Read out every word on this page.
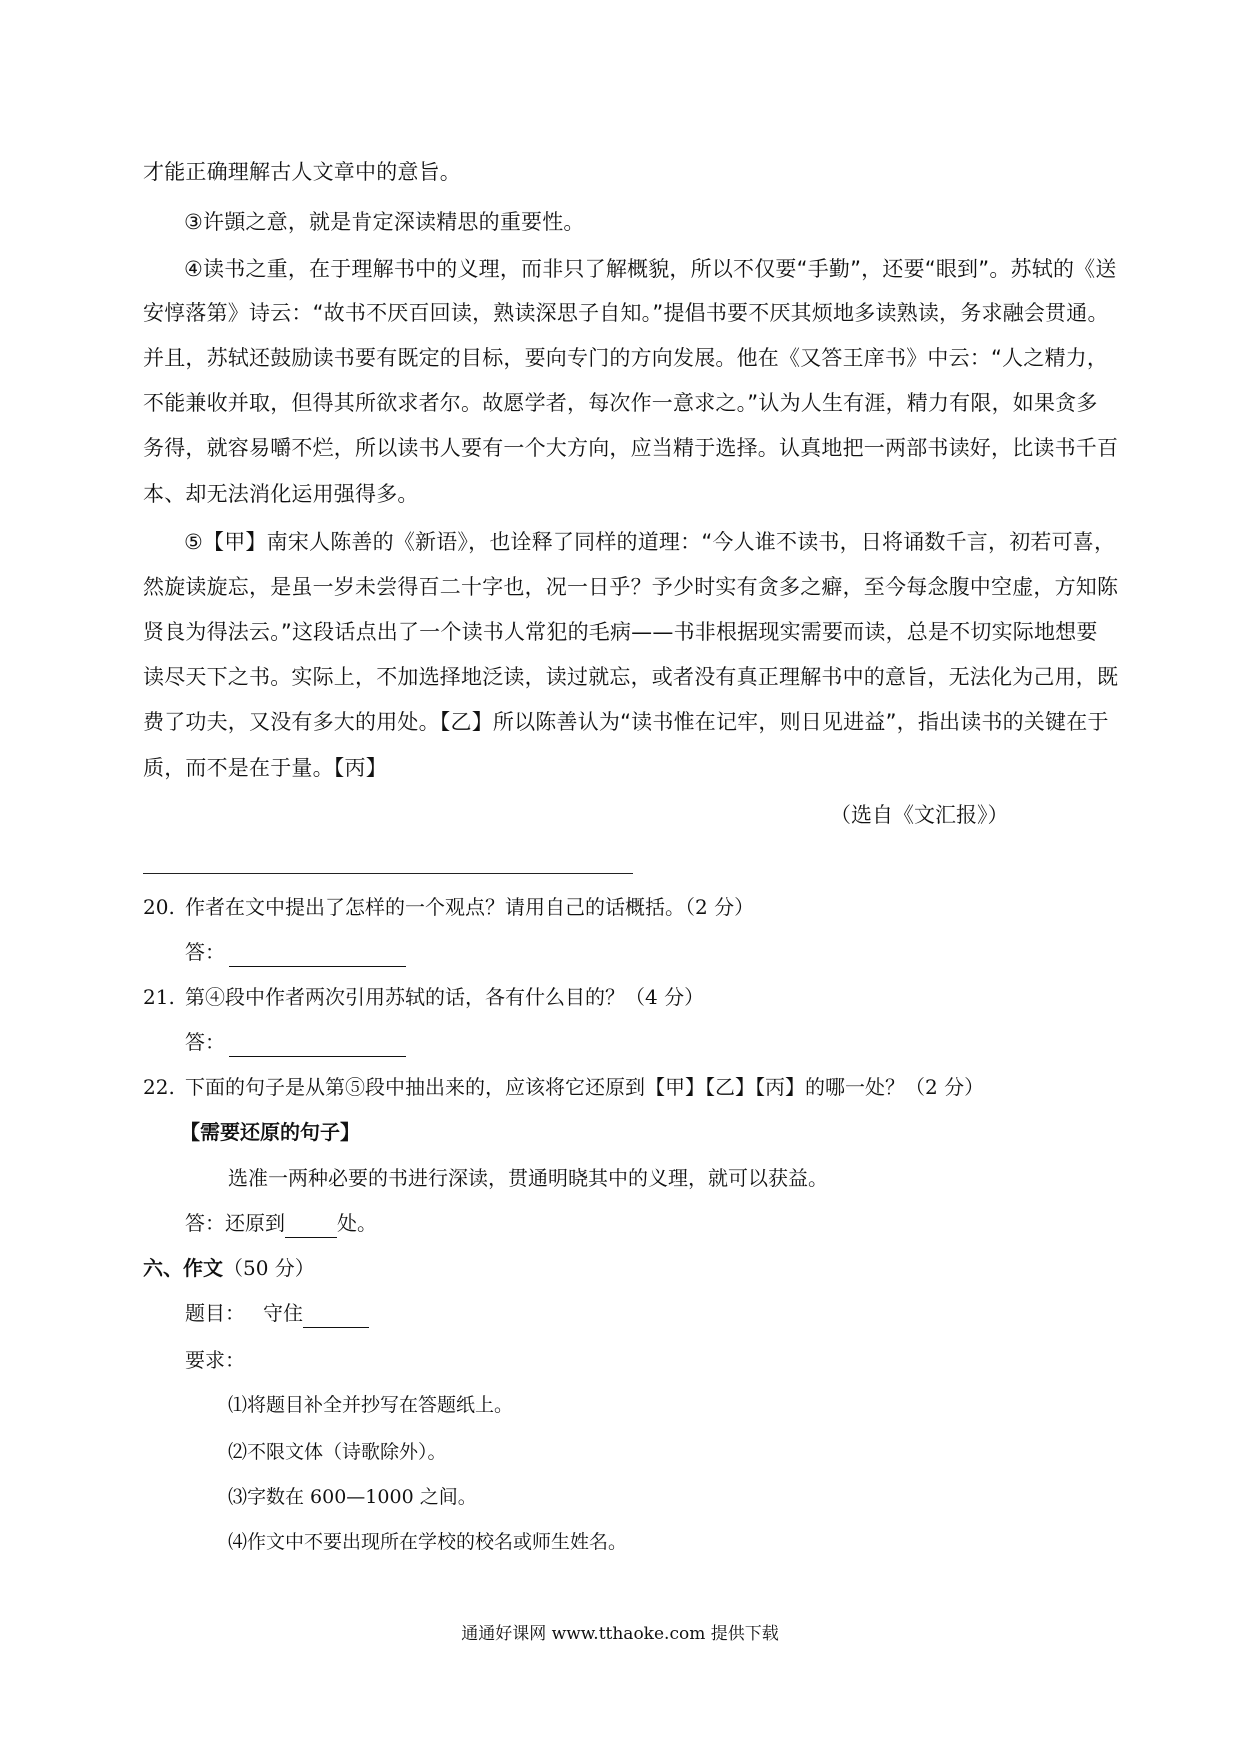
才能正确理解古人文章中的意旨。
③许顗之意，就是肯定深读精思的重要性。
④读书之重，在于理解书中的义理，而非只了解概貌，所以不仅要“手勤”，还要“眼到”。苏轼的《送
安惇落第》诗云：“故书不厌百回读，熟读深思子自知。”提倡书要不厌其烦地多读熟读，务求融会贯通。
并且，苏轼还鼓励读书要有既定的目标，要向专门的方向发展。他在《又答王庠书》中云：“人之精力，
不能兼收并取，但得其所欲求者尔。故愿学者，每次作一意求之。”认为人生有涯，精力有限，如果贪多
务得，就容易嚼不烂，所以读书人要有一个大方向，应当精于选择。认真地把一两部书读好，比读书千百
本、却无法消化运用强得多。
⑤【甲】南宋人陈善的《新语》，也诠释了同样的道理：“今人谁不读书，日将诵数千言，初若可喜，
然旋读旋忘，是虽一岁未尝得百二十字也，况一日乎？予少时实有贪多之癖，至今每念腹中空虚，方知陈
贤良为得法云。”这段话点出了一个读书人常犯的毛病——书非根据现实需要而读，总是不切实际地想要
读尽天下之书。实际上，不加选择地泛读，读过就忘，或者没有真正理解书中的意旨，无法化为己用，既
费了功夫，又没有多大的用处。【乙】所以陈善认为“读书惟在记牢，则日见进益”，指出读书的关键在于
质，而不是在于量。【丙】
（选自《文汇报》）
20. 作者在文中提出了怎样的一个观点？请用自己的话概括。（2 分）
答：
21. 第④段中作者两次引用苏轼的话，各有什么目的？（4 分）
答：
22. 下面的句子是从第⑤段中抽出来的，应该将它还原到【甲】【乙】【丙】的哪一处？（2 分）
【需要还原的句子】
选准一两种必要的书进行深读，贯通明晓其中的义理，就可以获益。
答：还原到	处。
六、作文（50 分）
题目： 守住
要求：
⑴将题目补全并抄写在答题纸上。
⑵不限文体（诗歌除外）。
⑶字数在 600—1000 之间。
⑷作文中不要出现所在学校的校名或师生姓名。
通通好课网 www.tthaoke.com 提供下载
